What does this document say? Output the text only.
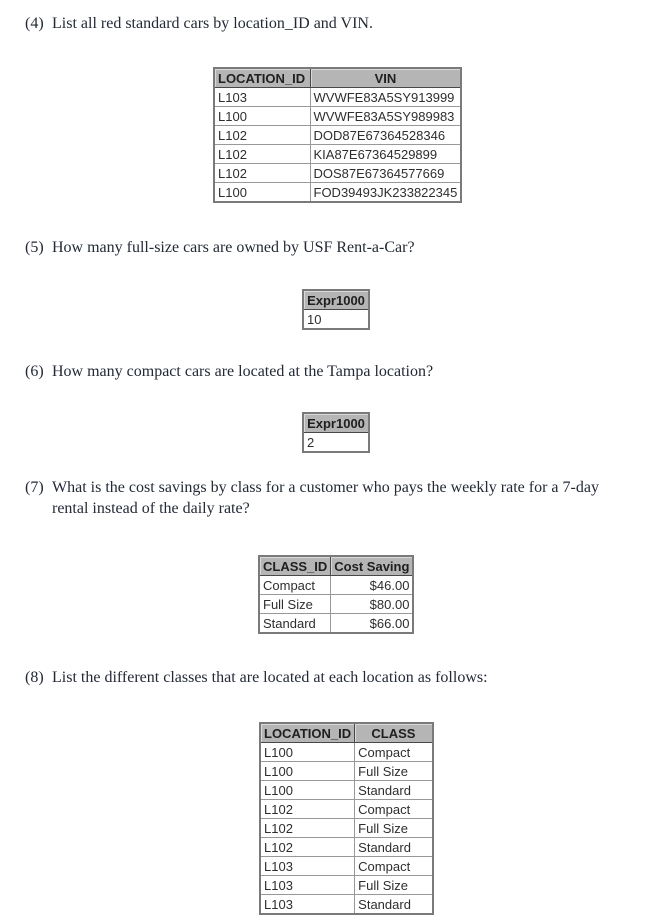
(4) List all red standard cars by location_ID and VIN.
LOCATION_ID	VIN
L103	WVWFE83A5SY913999
L100	WVWFE83A5SY989983
L102	DOD87E67364528346
L102	KIA87E67364529899
L102	DOS87E67364577669
L100	FOD39493JK233822345
(5) How many full-size cars are owned by USF Rent-a-Car?
Expr1000
10
(6) How many compact cars are located at the Tampa location?
Expr1000
2
(7) What is the cost savings by class for a customer who pays the weekly rate for a 7-day rental instead of the daily rate?
CLASS_ID	Cost Saving
Compact	$46.00
Full Size	$80.00
Standard	$66.00
(8) List the different classes that are located at each location as follows:
LOCATION_ID	CLASS
L100	Compact
L100	Full Size
L100	Standard
L102	Compact
L102	Full Size
L102	Standard
L103	Compact
L103	Full Size
L103	Standard
